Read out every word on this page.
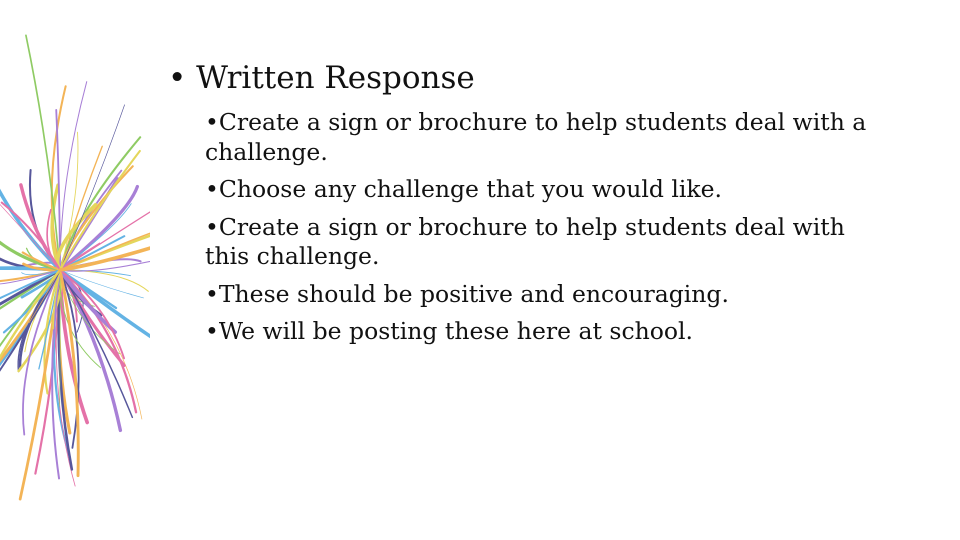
• Written Response
•Create a sign or brochure to help students deal with a challenge.
•Choose any challenge that you would like.
•Create a sign or brochure to help students deal with this challenge.
•These should be positive and encouraging.
•We will be posting these here at school.
